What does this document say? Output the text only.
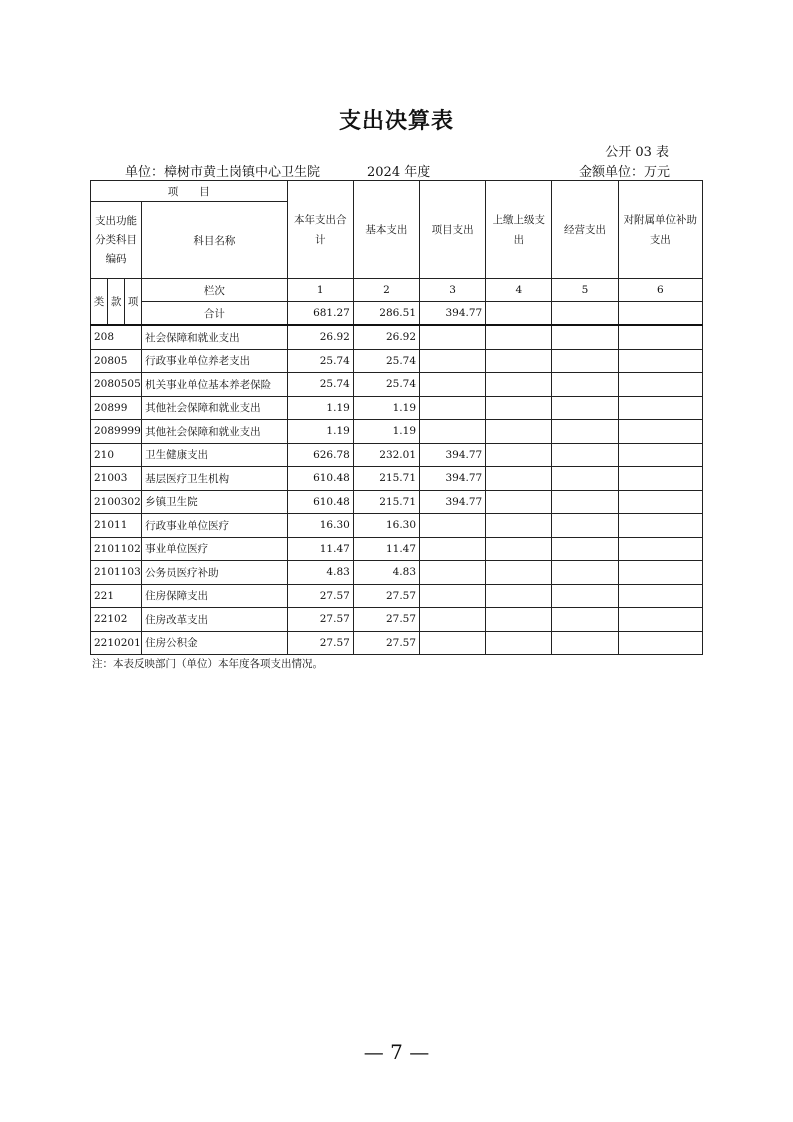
支出决算表
公开 03 表
单位：樟树市黄土岗镇中心卫生院	2024 年度	金额单位：万元
项　　目				本年支出合计	基本支出	项目支出	上缴上级支出	经营支出	对附属单位补助支出
支出功能分类科目编码			科目名称						
类	款	项	栏次	1	2	3	4	5	6
			合计	681.27	286.51	394.77			
208			社会保障和就业支出	26.92	26.92				
20805			行政事业单位养老支出	25.74	25.74				
2080505			机关事业单位基本养老保险	25.74	25.74				
20899			其他社会保障和就业支出	1.19	1.19				
2089999			其他社会保障和就业支出	1.19	1.19				
210			卫生健康支出	626.78	232.01	394.77			
21003			基层医疗卫生机构	610.48	215.71	394.77			
2100302			乡镇卫生院	610.48	215.71	394.77			
21011			行政事业单位医疗	16.30	16.30				
2101102			事业单位医疗	11.47	11.47				
2101103			公务员医疗补助	4.83	4.83				
221			住房保障支出	27.57	27.57				
22102			住房改革支出	27.57	27.57				
2210201			住房公积金	27.57	27.57				
注：本表反映部门（单位）本年度各项支出情况。
— 7 —
